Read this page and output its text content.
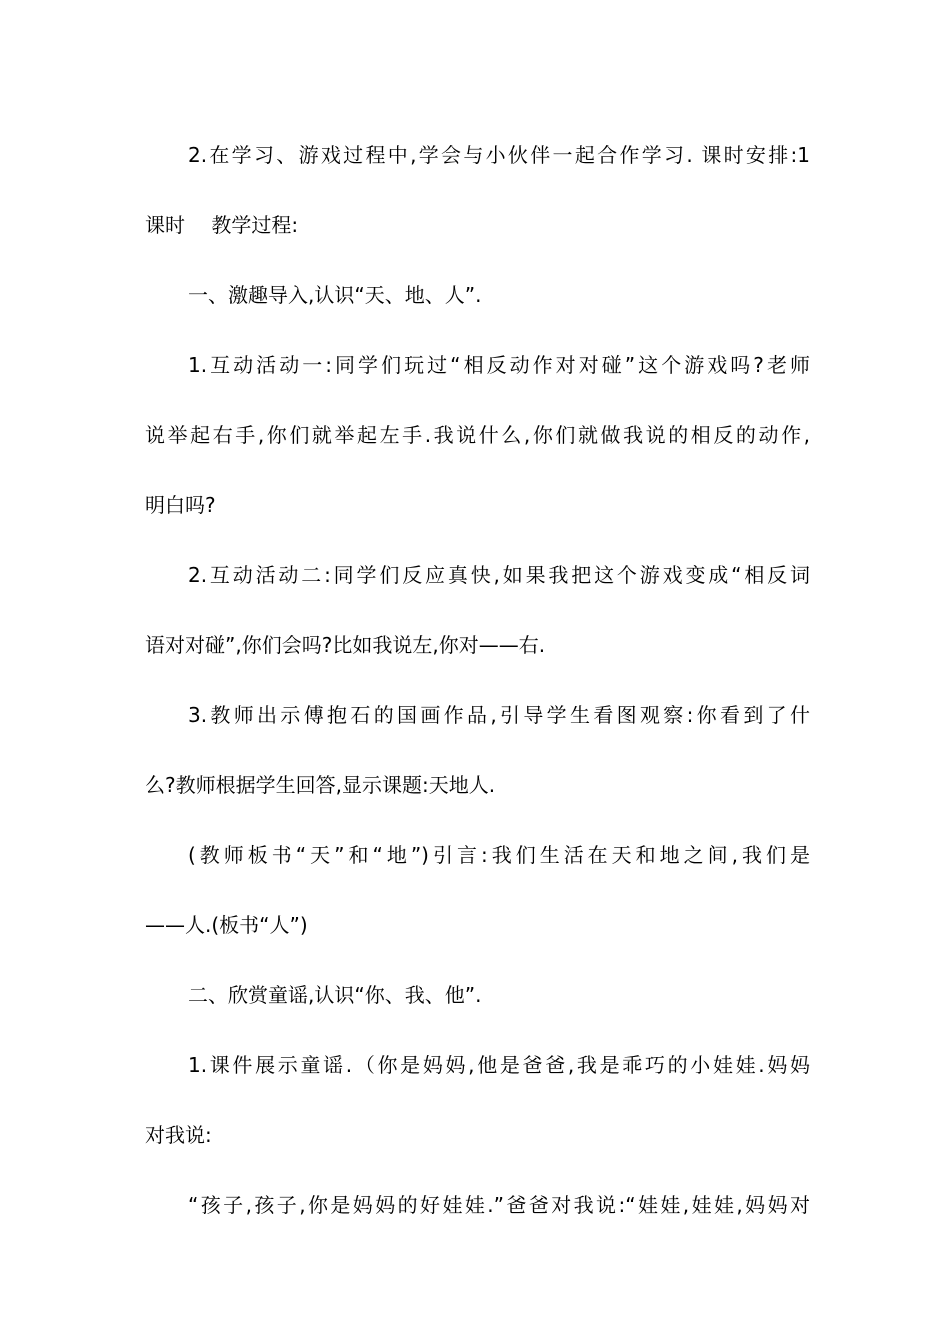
2.在学习、游戏过程中,学会与小伙伴一起合作学习. 课时安排:1
课时　 教学过程:
一、激趣导入,认识“天、地、人”.
1.互动活动一:同学们玩过“相反动作对对碰”这个游戏吗?老师
说举起右手,你们就举起左手.我说什么,你们就做我说的相反的动作,
明白吗?
2.互动活动二:同学们反应真快,如果我把这个游戏变成“相反词
语对对碰”,你们会吗?比如我说左,你对——右.
3.教师出示傅抱石的国画作品,引导学生看图观察:你看到了什
么?教师根据学生回答,显示课题:天地人.
(教师板书“天”和“地”)引言:我们生活在天和地之间,我们是
——人.(板书“人”)
二、欣赏童谣,认识“你、我、他”.
1.课件展示童谣.（你是妈妈,他是爸爸,我是乖巧的小娃娃.妈妈
对我说:
“孩子,孩子,你是妈妈的好娃娃.”爸爸对我说:“娃娃,娃娃,妈妈对
